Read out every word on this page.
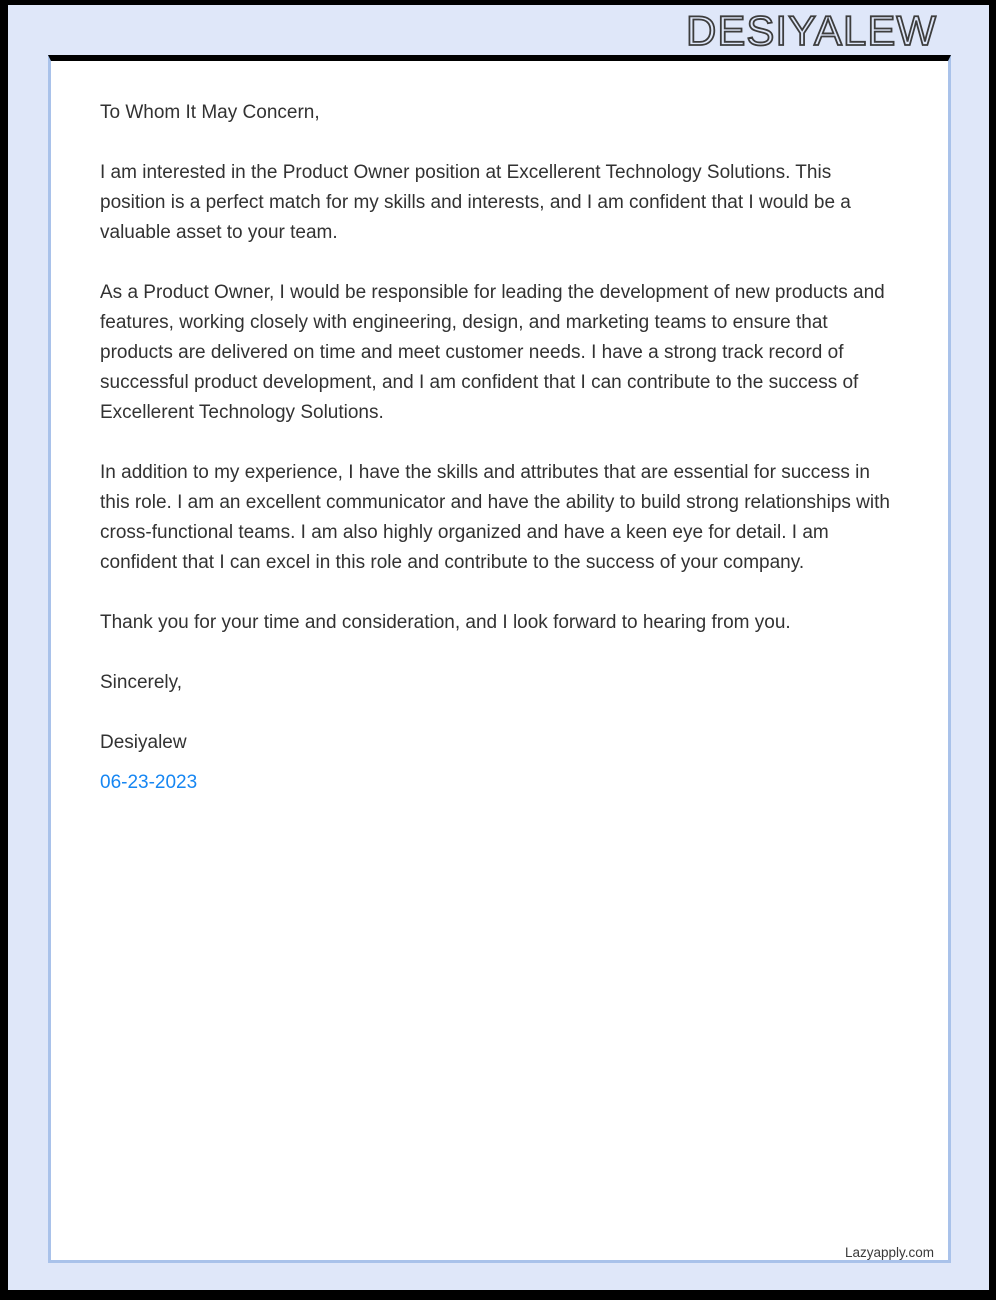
DESIYALEW

To Whom It May Concern,

I am interested in the Product Owner position at Excellerent Technology Solutions. This position is a perfect match for my skills and interests, and I am confident that I would be a valuable asset to your team.

As a Product Owner, I would be responsible for leading the development of new products and features, working closely with engineering, design, and marketing teams to ensure that products are delivered on time and meet customer needs. I have a strong track record of successful product development, and I am confident that I can contribute to the success of Excellerent Technology Solutions.

In addition to my experience, I have the skills and attributes that are essential for success in this role. I am an excellent communicator and have the ability to build strong relationships with cross-functional teams. I am also highly organized and have a keen eye for detail. I am confident that I can excel in this role and contribute to the success of your company.

Thank you for your time and consideration, and I look forward to hearing from you.

Sincerely,

Desiyalew

06-23-2023
Lazyapply.com
